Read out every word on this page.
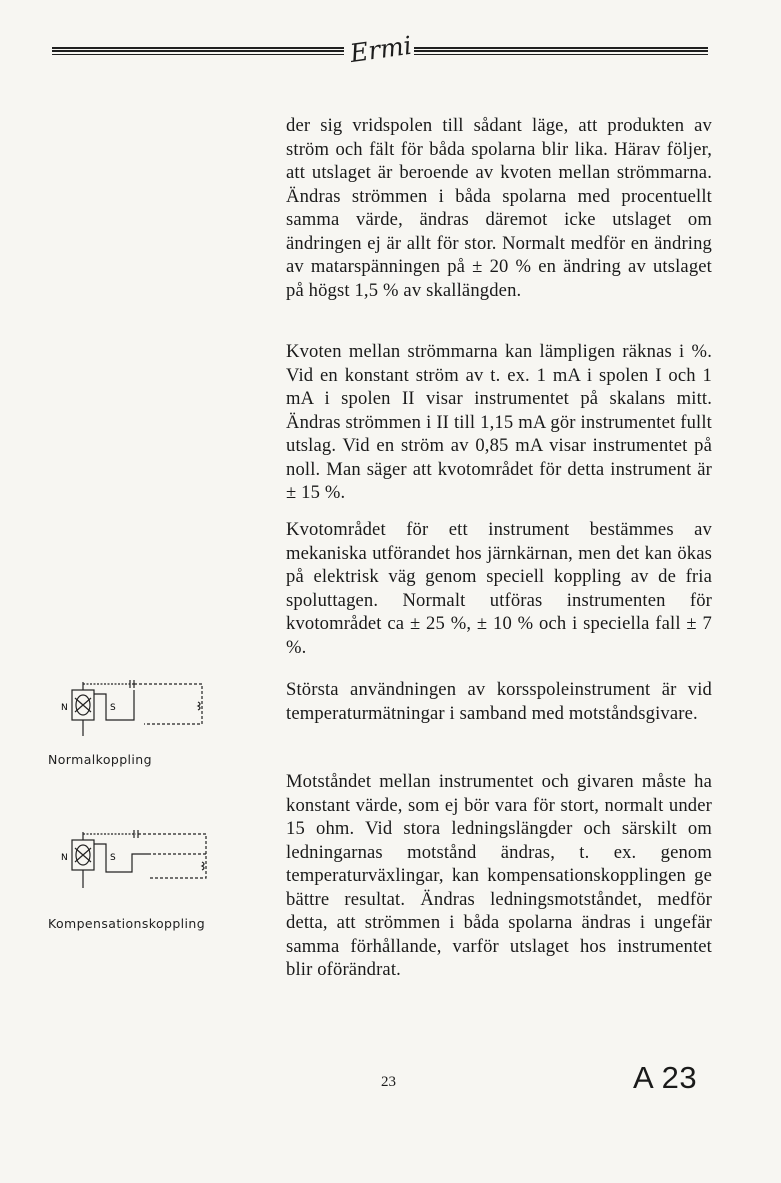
Ermi

der sig vridspolen till sådant läge, att produkten av ström och fält för båda spolarna blir lika. Härav följer, att utslaget är beroende av kvoten mellan strömmarna. Ändras strömmen i båda spolarna med procentuellt samma värde, ändras däremot icke utslaget om ändringen ej är allt för stor. Normalt medför en ändring av matarspänningen på ± 20 % en ändring av utslaget på högst 1,5 % av skallängden.

Kvoten mellan strömmarna kan lämpligen räknas i %. Vid en konstant ström av t. ex. 1 mA i spolen I och 1 mA i spolen II visar instrumentet på skalans mitt. Ändras strömmen i II till 1,15 mA gör instrumentet fullt utslag. Vid en ström av 0,85 mA visar instrumentet på noll. Man säger att kvotområdet för detta instrument är ± 15 %.

Kvotområdet för ett instrument bestämmes av mekaniska utförandet hos järnkärnan, men det kan ökas på elektrisk väg genom speciell koppling av de fria spoluttagen. Normalt utföras instrumenten för kvotområdet ca ± 25 %, ± 10 % och i speciella fall ± 7 %.

Största användningen av korsspoleinstrument är vid temperaturmätningar i samband med motståndsgivare.

Motståndet mellan instrumentet och givaren måste ha konstant värde, som ej bör vara för stort, normalt under 15 ohm. Vid stora ledningslängder och särskilt om ledningarnas motstånd ändras, t. ex. genom temperaturväxlingar, kan kompensationskopplingen ge bättre resultat. Ändras ledningsmotståndet, medför detta, att strömmen i båda spolarna ändras i ungefär samma förhållande, varför utslaget hos instrumentet blir oförändrat.

N	S
Normalkoppling
N	S
Kompensationskoppling
23	A 23
